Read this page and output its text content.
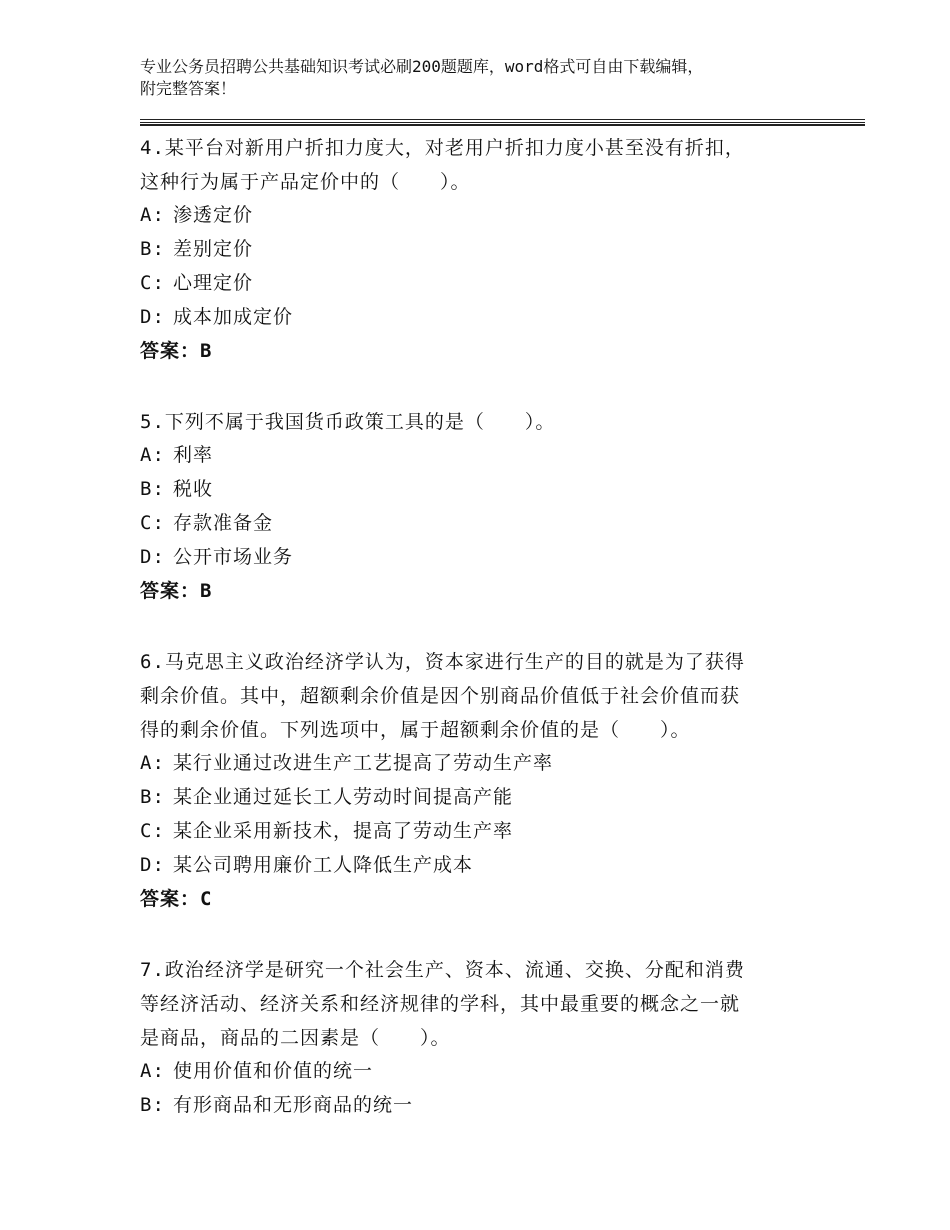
专业公务员招聘公共基础知识考试必刷200题题库，word格式可自由下载编辑，
附完整答案！
4.某平台对新用户折扣力度大，对老用户折扣力度小甚至没有折扣，
这种行为属于产品定价中的（　　）。
A: 渗透定价
B: 差别定价
C: 心理定价
D: 成本加成定价
答案：B
5.下列不属于我国货币政策工具的是（　　）。
A: 利率
B: 税收
C: 存款准备金
D: 公开市场业务
答案：B
6.马克思主义政治经济学认为，资本家进行生产的目的就是为了获得
剩余价值。其中，超额剩余价值是因个别商品价值低于社会价值而获
得的剩余价值。下列选项中，属于超额剩余价值的是（　　）。
A: 某行业通过改进生产工艺提高了劳动生产率
B: 某企业通过延长工人劳动时间提高产能
C: 某企业采用新技术，提高了劳动生产率
D: 某公司聘用廉价工人降低生产成本
答案：C
7.政治经济学是研究一个社会生产、资本、流通、交换、分配和消费
等经济活动、经济关系和经济规律的学科，其中最重要的概念之一就
是商品，商品的二因素是（　　）。
A: 使用价值和价值的统一
B: 有形商品和无形商品的统一
